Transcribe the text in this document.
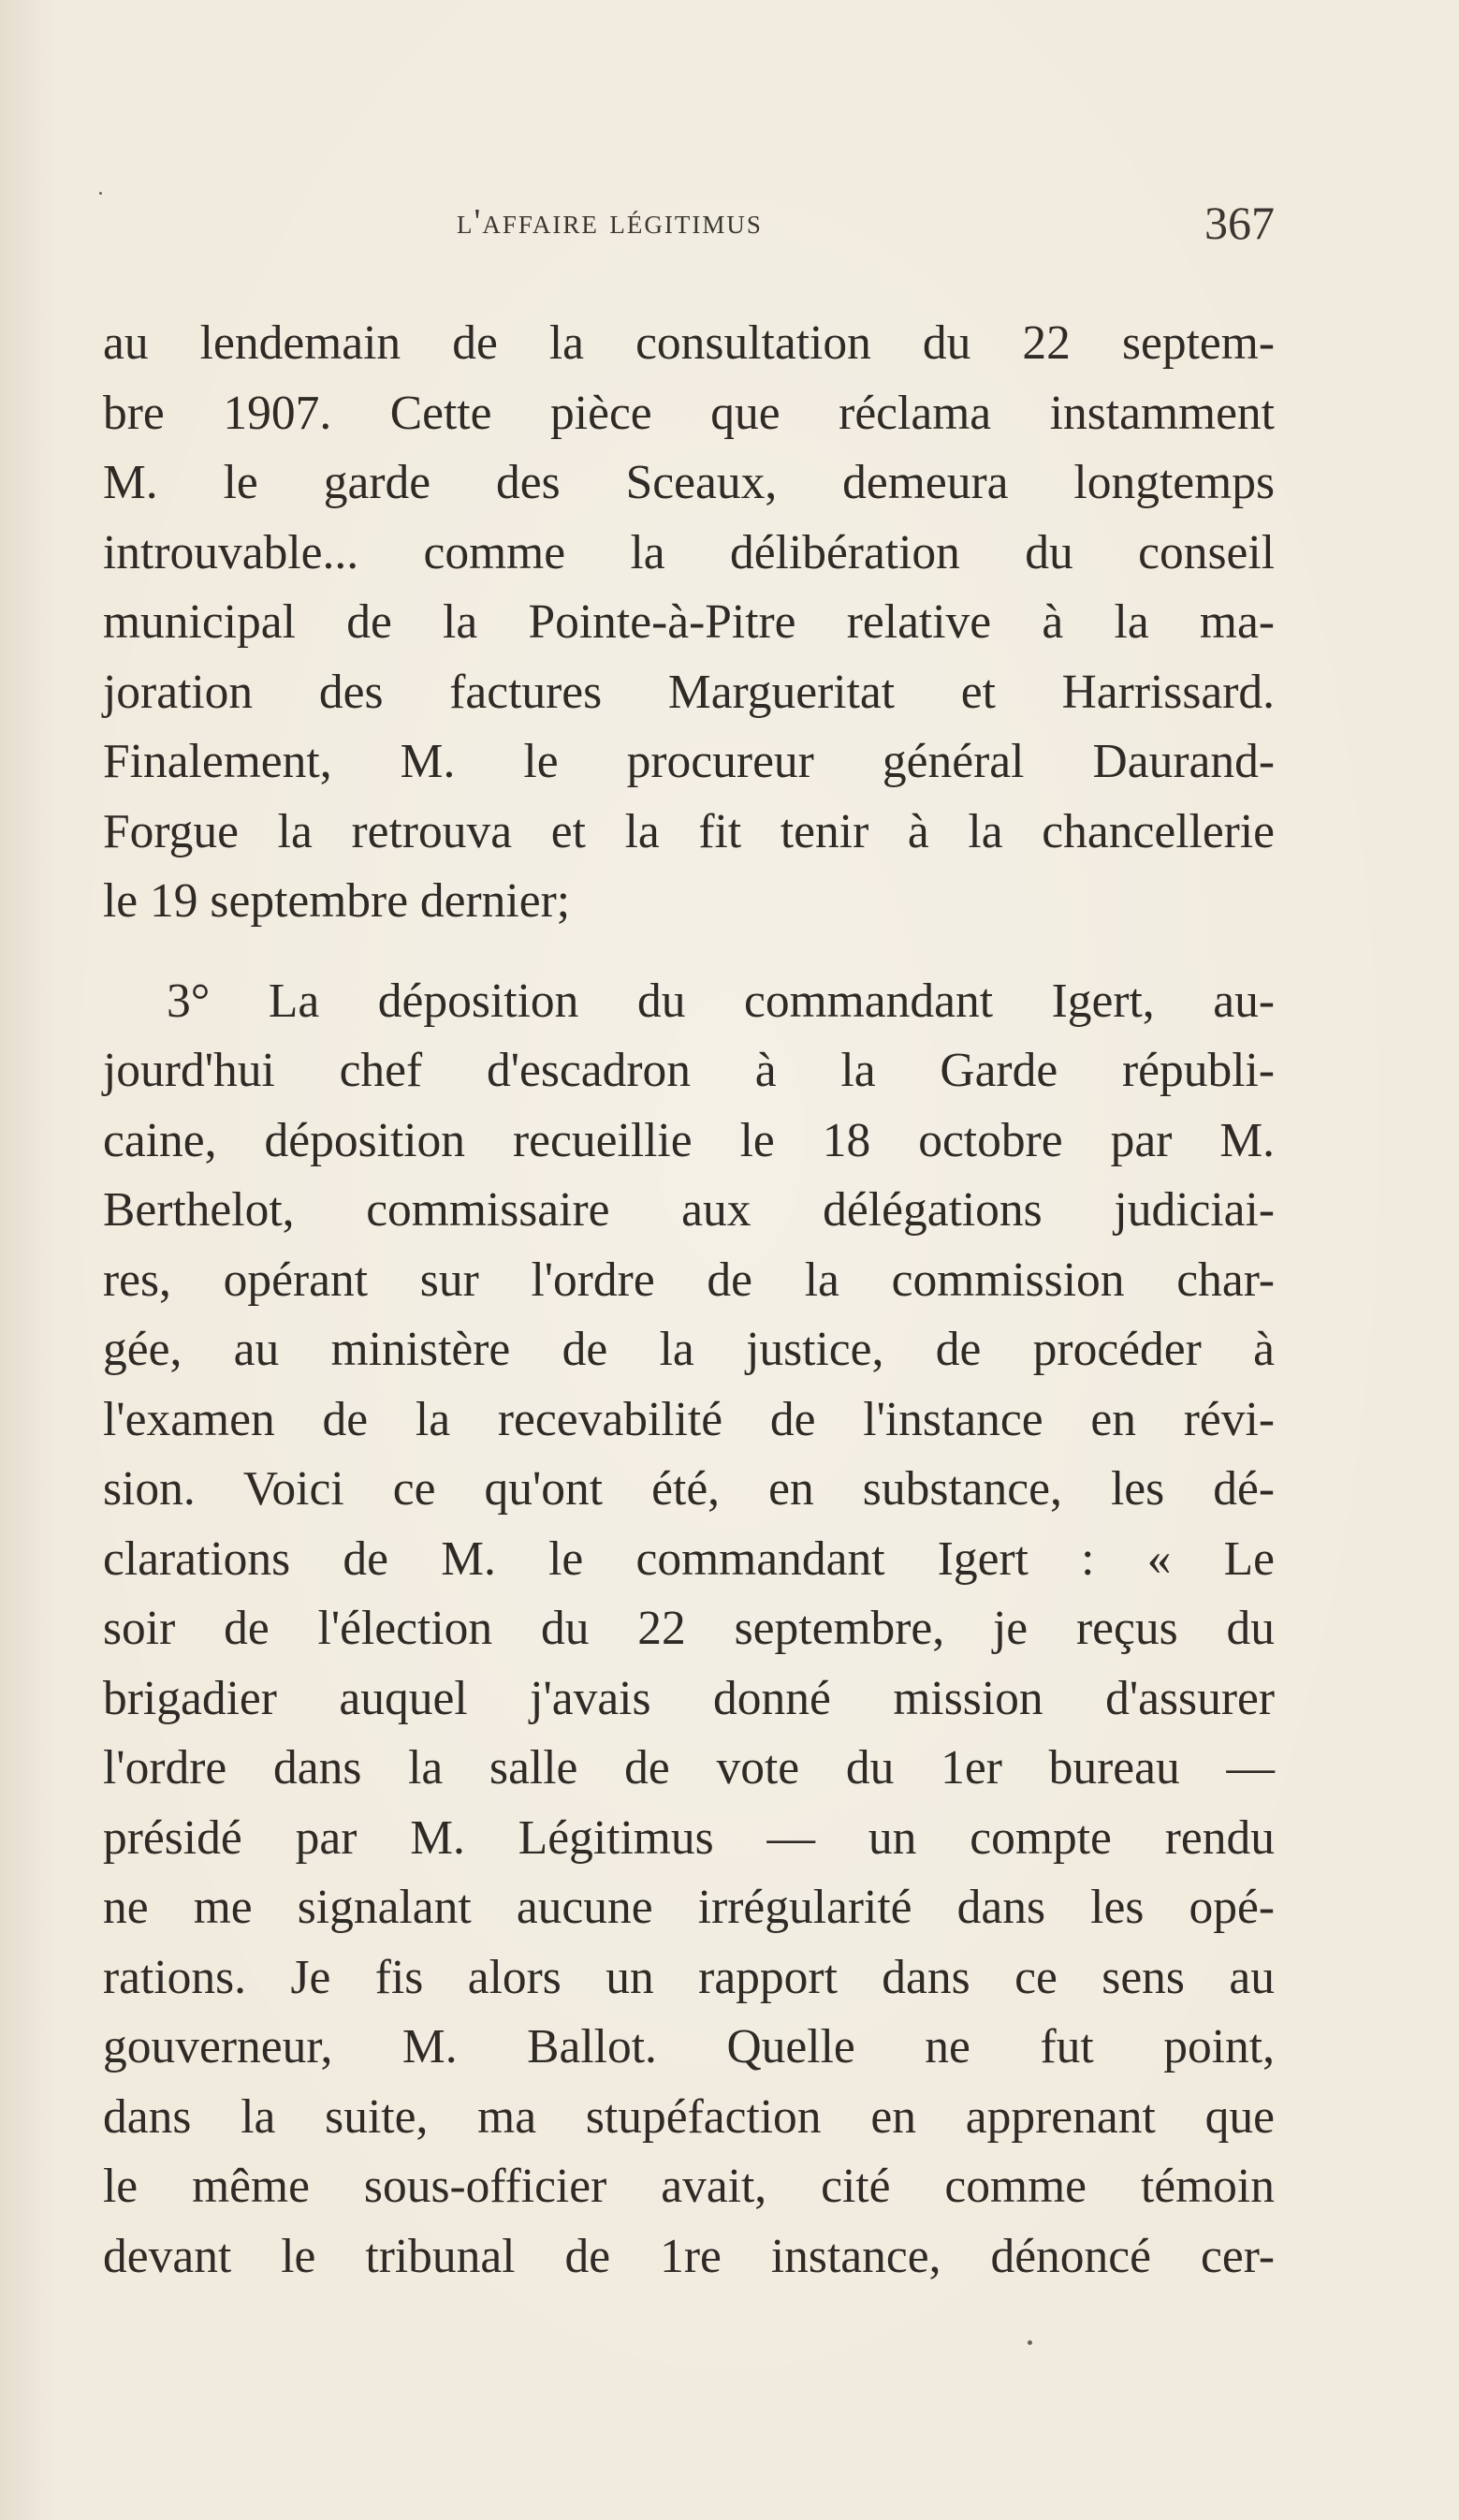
l'affaire légitimus	367
au lendemain de la consultation du 22 septem-
bre 1907. Cette pièce que réclama instamment
M. le garde des Sceaux, demeura longtemps
introuvable... comme la délibération du conseil
municipal de la Pointe-à-Pitre relative à la ma-
joration des factures Margueritat et Harrissard.
Finalement, M. le procureur général Daurand-
Forgue la retrouva et la fit tenir à la chancellerie
le 19 septembre dernier;
3° La déposition du commandant Igert, au-
jourd'hui chef d'escadron à la Garde républi-
caine, déposition recueillie le 18 octobre par M.
Berthelot, commissaire aux délégations judiciai-
res, opérant sur l'ordre de la commission char-
gée, au ministère de la justice, de procéder à
l'examen de la recevabilité de l'instance en révi-
sion. Voici ce qu'ont été, en substance, les dé-
clarations de M. le commandant Igert : « Le
soir de l'élection du 22 septembre, je reçus du
brigadier auquel j'avais donné mission d'assurer
l'ordre dans la salle de vote du 1er bureau —
présidé par M. Légitimus — un compte rendu
ne me signalant aucune irrégularité dans les opé-
rations. Je fis alors un rapport dans ce sens au
gouverneur, M. Ballot. Quelle ne fut point,
dans la suite, ma stupéfaction en apprenant que
le même sous-officier avait, cité comme témoin
devant le tribunal de 1re instance, dénoncé cer-
